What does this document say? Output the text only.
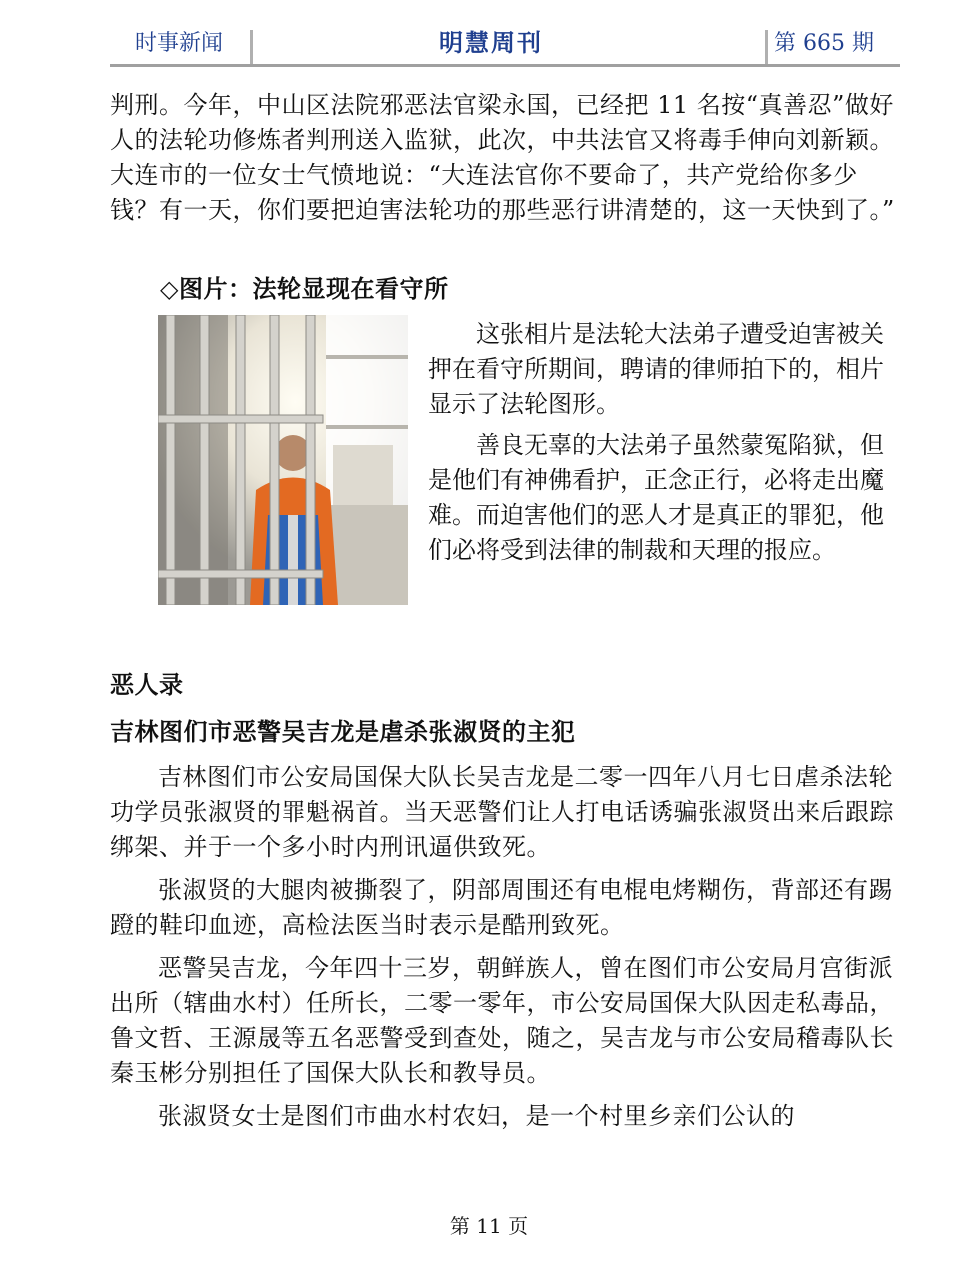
时事新闻	明慧周刊	第 665 期

判刑。今年，中山区法院邪恶法官梁永国，已经把 11 名按“真善忍”做好人的法轮功修炼者判刑送入监狱，此次，中共法官又将毒手伸向刘新颖。大连市的一位女士气愤地说：“大连法官你不要命了，共产党给你多少钱？有一天，你们要把迫害法轮功的那些恶行讲清楚的，这一天快到了。”

◇图片：法轮显现在看守所

这张相片是法轮大法弟子遭受迫害被关押在看守所期间，聘请的律师拍下的，相片显示了法轮图形。

善良无辜的大法弟子虽然蒙冤陷狱，但是他们有神佛看护，正念正行，必将走出魔难。而迫害他们的恶人才是真正的罪犯，他们必将受到法律的制裁和天理的报应。

恶人录
吉林图们市恶警吴吉龙是虐杀张淑贤的主犯

吉林图们市公安局国保大队长吴吉龙是二零一四年八月七日虐杀法轮功学员张淑贤的罪魁祸首。当天恶警们让人打电话诱骗张淑贤出来后跟踪绑架、并于一个多小时内刑讯逼供致死。

张淑贤的大腿肉被撕裂了，阴部周围还有电棍电烤糊伤，背部还有踢蹬的鞋印血迹，高检法医当时表示是酷刑致死。

恶警吴吉龙，今年四十三岁，朝鲜族人，曾在图们市公安局月宫街派出所（辖曲水村）任所长，二零一零年，市公安局国保大队因走私毒品，鲁文哲、王源晟等五名恶警受到查处，随之，吴吉龙与市公安局稽毒队长秦玉彬分别担任了国保大队长和教导员。

张淑贤女士是图们市曲水村农妇，是一个村里乡亲们公认的

第 11 页
